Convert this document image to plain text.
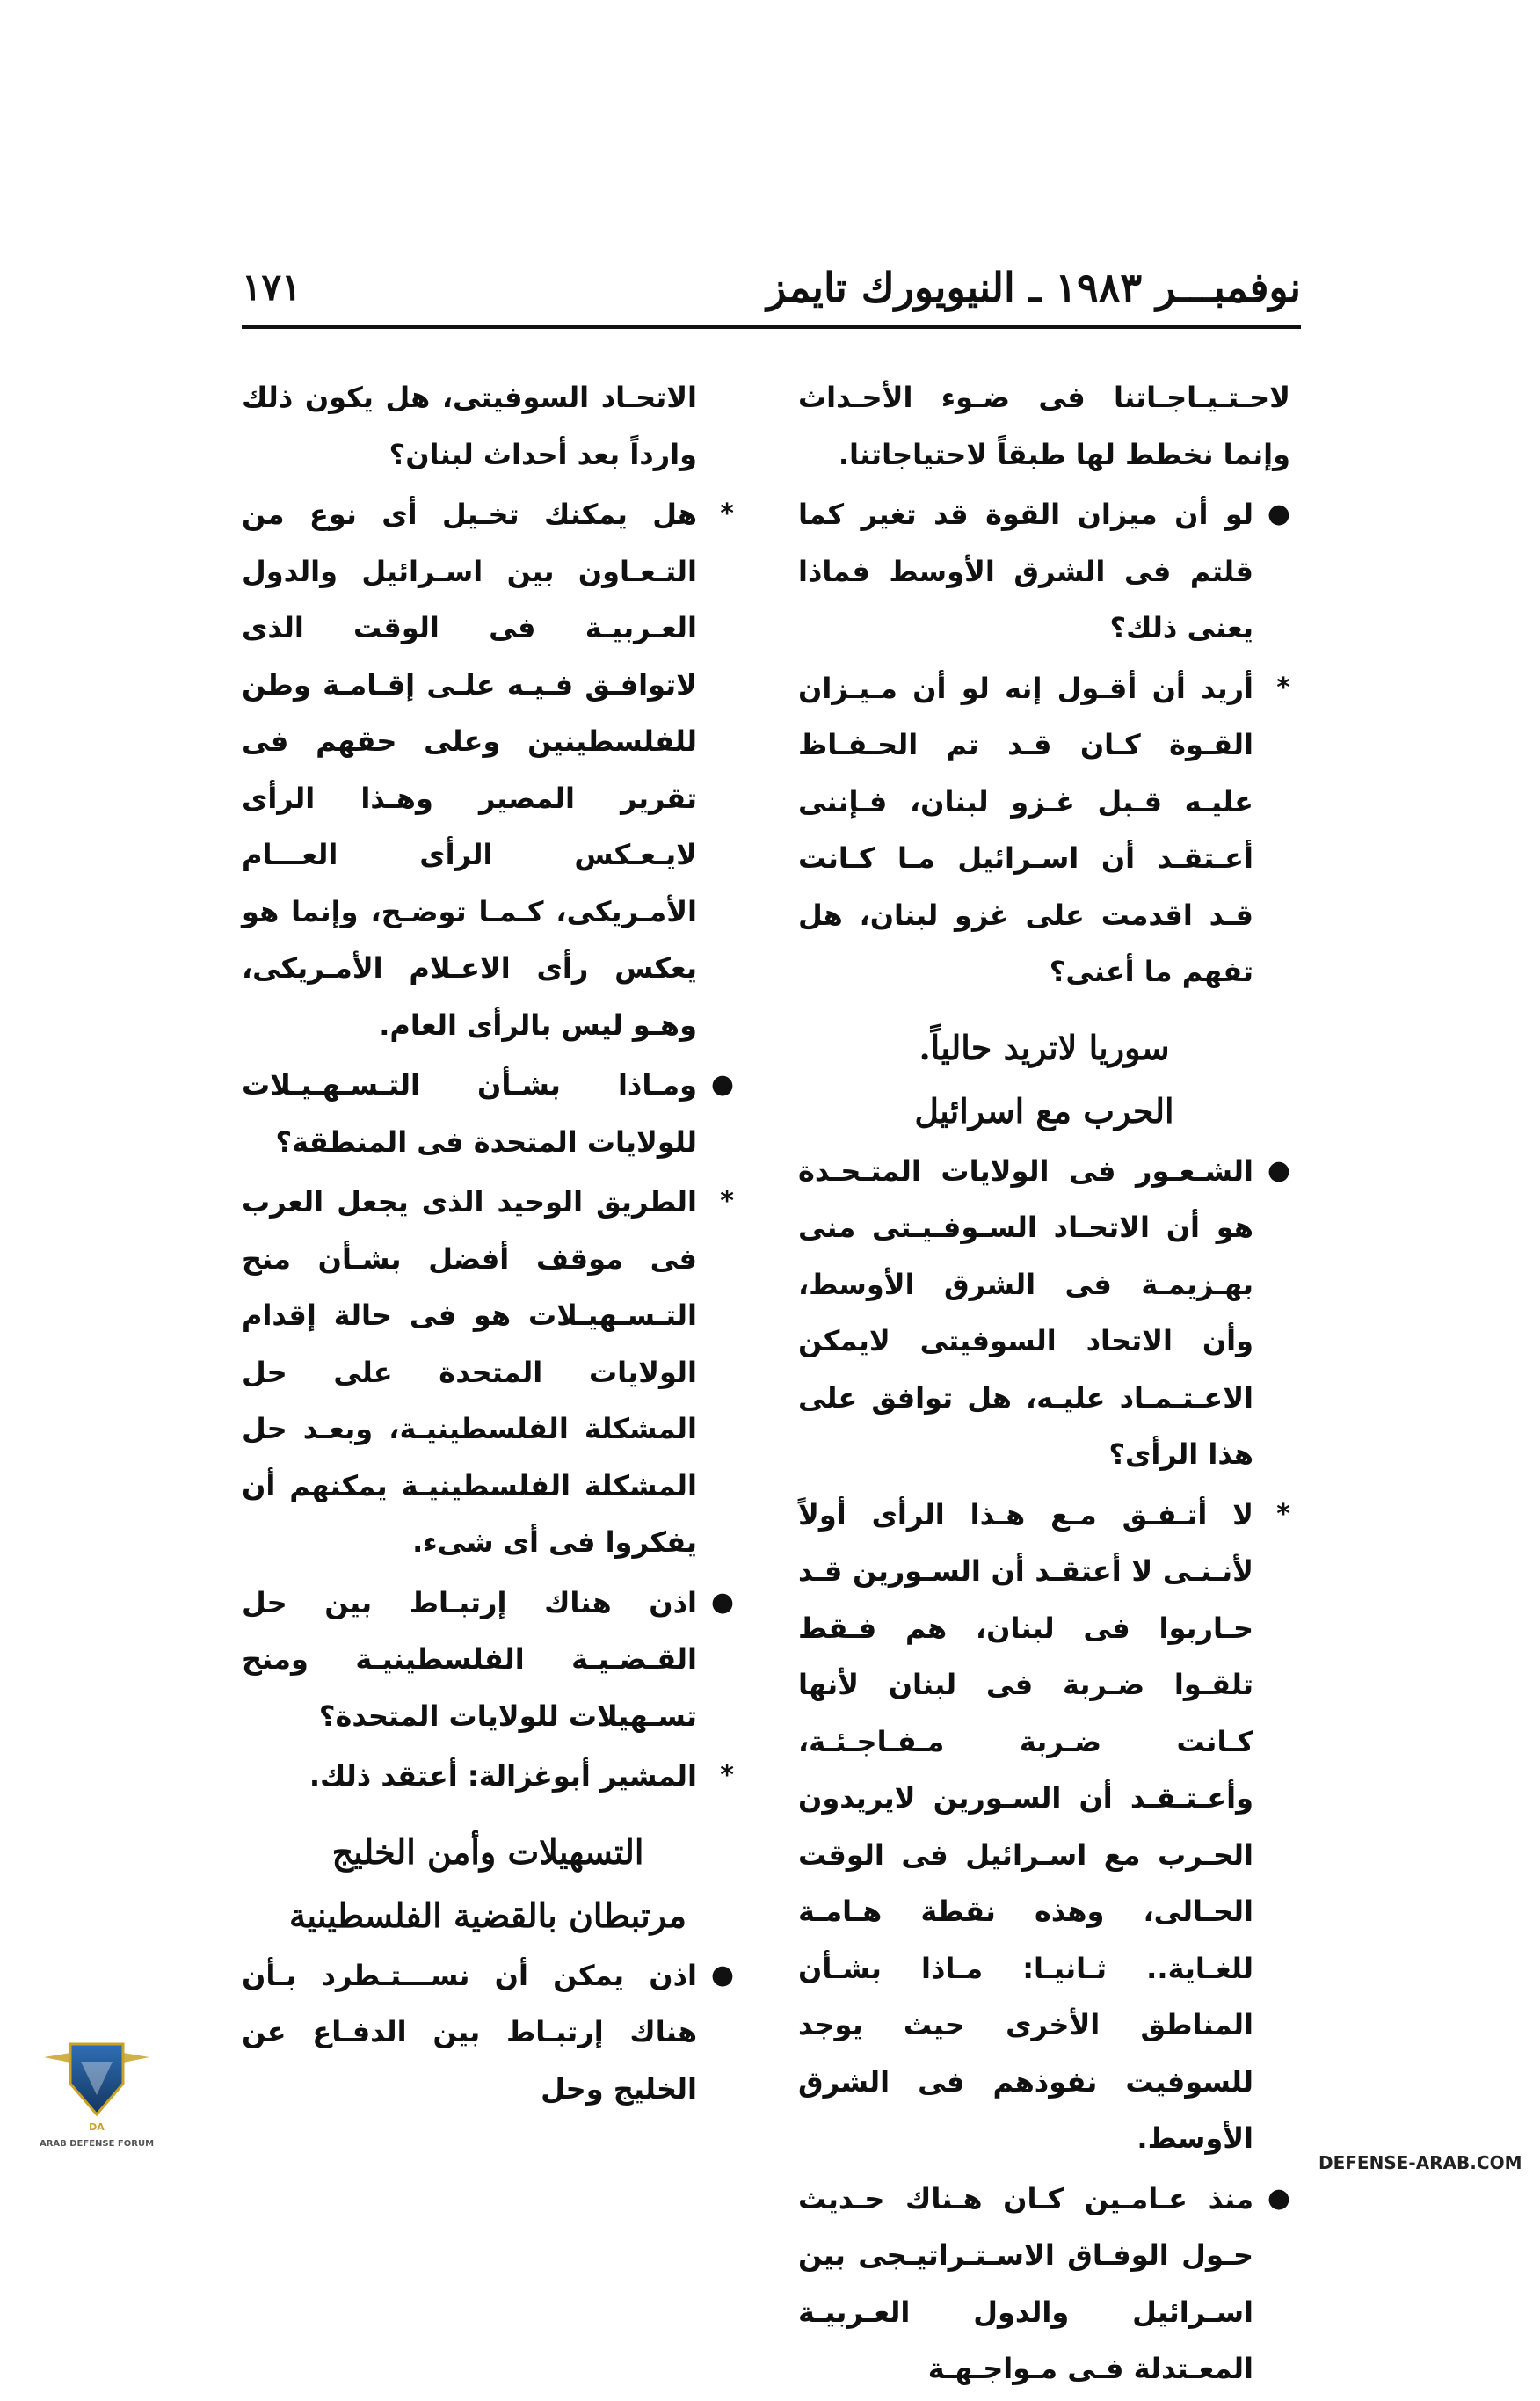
نوفمبـــر ١٩٨٣ ـ النيويورك تايمز
١٧١

لاحـتـيـاجـاتنا فى ضـوء الأحـداث وإنما نخطط لها طبقاً لاحتياجاتنا.

●
لو أن ميزان القوة قد تغير كما قلتم فى الشرق الأوسط فماذا يعنى ذلك؟
*
أريد أن أقـول إنه لو أن مـيـزان القـوة كـان قـد تم الحـفـاظ عليـه قـبل غـزو لبنان، فـإننى أعـتقـد أن اسـرائيل مـا كـانت قـد اقدمت على غزو لبنان، هل تفهم ما أعنى؟
سوريا لاتريد حالياً.
الحرب مع اسرائيل
●
الشـعـور فى الولايات المتـحـدة هو أن الاتحـاد السـوفـيـتى منى بهـزيمـة فى الشرق الأوسط، وأن الاتحاد السوفيتى لايمكن الاعـتـمـاد عليـه، هل توافق على هذا الرأى؟
*
لا أتـفـق مـع هـذا الرأى أولاً لأنـنـى لا أعتقـد أن السـورين قـد حـاربوا فى لبنان، هم فـقط تلقـوا ضـربة فى لبنان لأنها كـانت ضـربة مـفـاجـئـة، وأعـتـقـد أن السـورين لايريدون الحـرب مع اسـرائيل فى الوقت الحـالى، وهذه نقطة هـامـة للغـاية.. ثـانيـا: مـاذا بشـأن المناطق الأخرى حيث يوجد للسوفيت نفوذهم فى الشرق الأوسط.
●
منذ عـامـين كـان هـناك حـديث حـول الوفـاق الاسـتـراتيـجى بين اسـرائيل والدول العـربيـة المعـتدلة فـى مـواجـهـة
الاتحـاد السوفيتى، هل يكون ذلك وارداً بعد أحداث لبنان؟
*
هل يمكنك تخـيل أى نوع من التـعـاون بين اسـرائيل والدول العـربيـة فى الوقت الذى لاتوافـق فـيـه علـى إقـامـة وطن للفلسطينين وعلى حقهم فى تقرير المصير وهـذا الرأى لايـعـكس الرأى العـــام الأمـريكى، كـمـا توضـح، وإنما هو يعكس رأى الاعـلام الأمـريكى، وهـو ليس بالرأى العام.
●
ومـاذا بشـأن التـسـهـيـلات للولايات المتحدة فى المنطقة؟
*
الطريق الوحيد الذى يجعل العرب فى موقف أفضل بشـأن منح التـسـهيـلات هو فى حالة إقدام الولايات المتحدة على حل المشكلة الفلسطينيـة، وبعـد حل المشكلة الفلسطينيـة يمكنهم أن يفكروا فى أى شىء.
●
اذن هناك إرتبـاط بين حل القـضـيـة الفلسطينيـة ومنح تسـهيلات للولايات المتحدة؟
*
المشير أبوغزالة: أعتقد ذلك.
التسهيلات وأمن الخليج
مرتبطان بالقضية الفلسطينية
●
اذن يمكن أن نســـتـطرد بـأن هناك إرتبـاط بين الدفـاع عن الخليج وحل
DA
ARAB DEFENSE FORUM
DEFENSE-ARAB.COM
